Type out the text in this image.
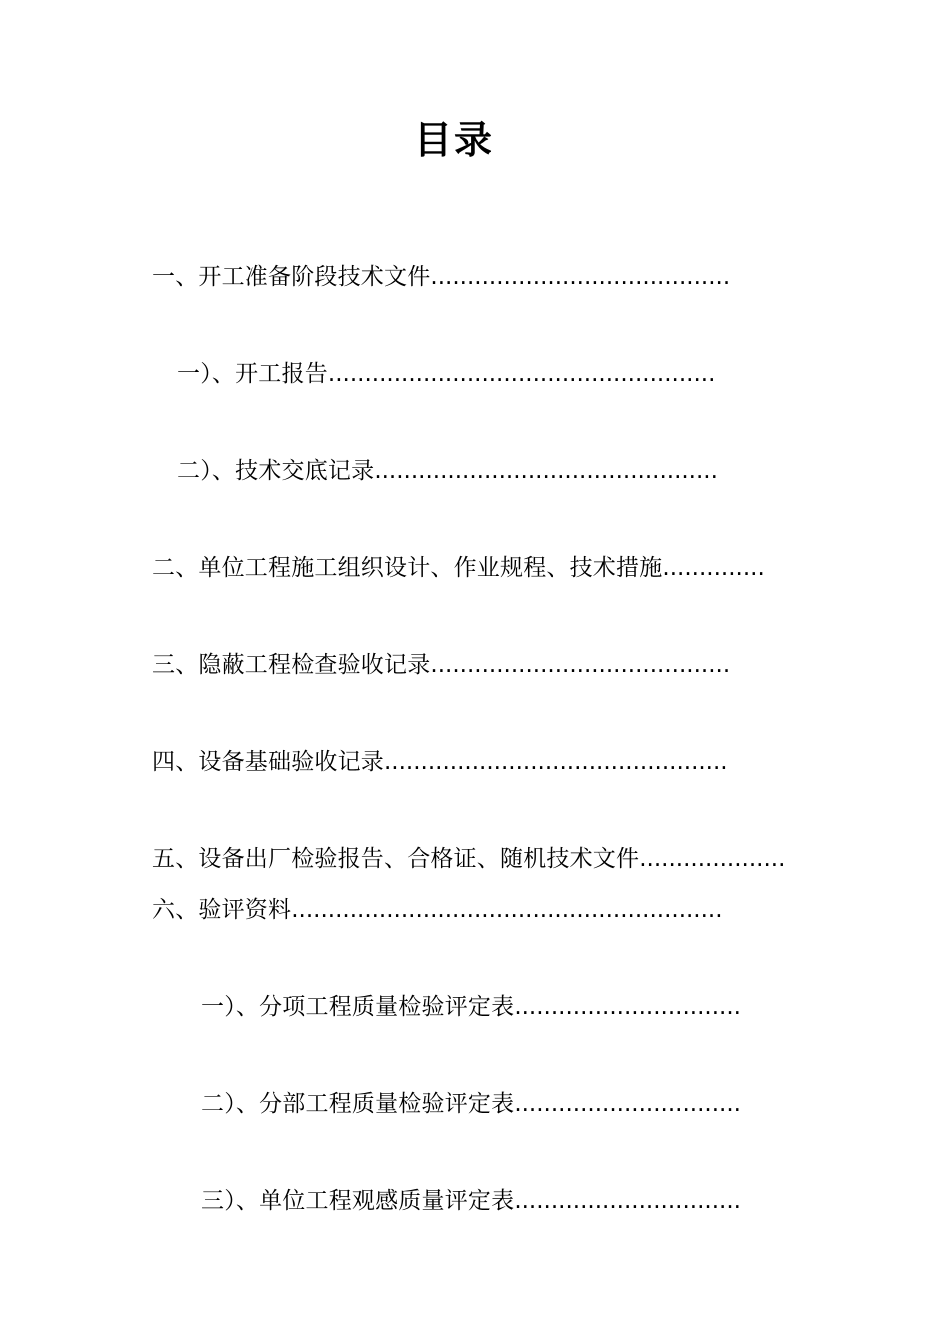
目录
一、开工准备阶段技术文件.........................................
一）、开工报告.....................................................
二）、技术交底记录...............................................
二、单位工程施工组织设计、作业规程、技术措施..............
三、隐蔽工程检查验收记录.........................................
四、设备基础验收记录...............................................
五、设备出厂检验报告、合格证、随机技术文件....................
六、验评资料...........................................................
一）、分项工程质量检验评定表...............................
二）、分部工程质量检验评定表...............................
三）、单位工程观感质量评定表...............................
